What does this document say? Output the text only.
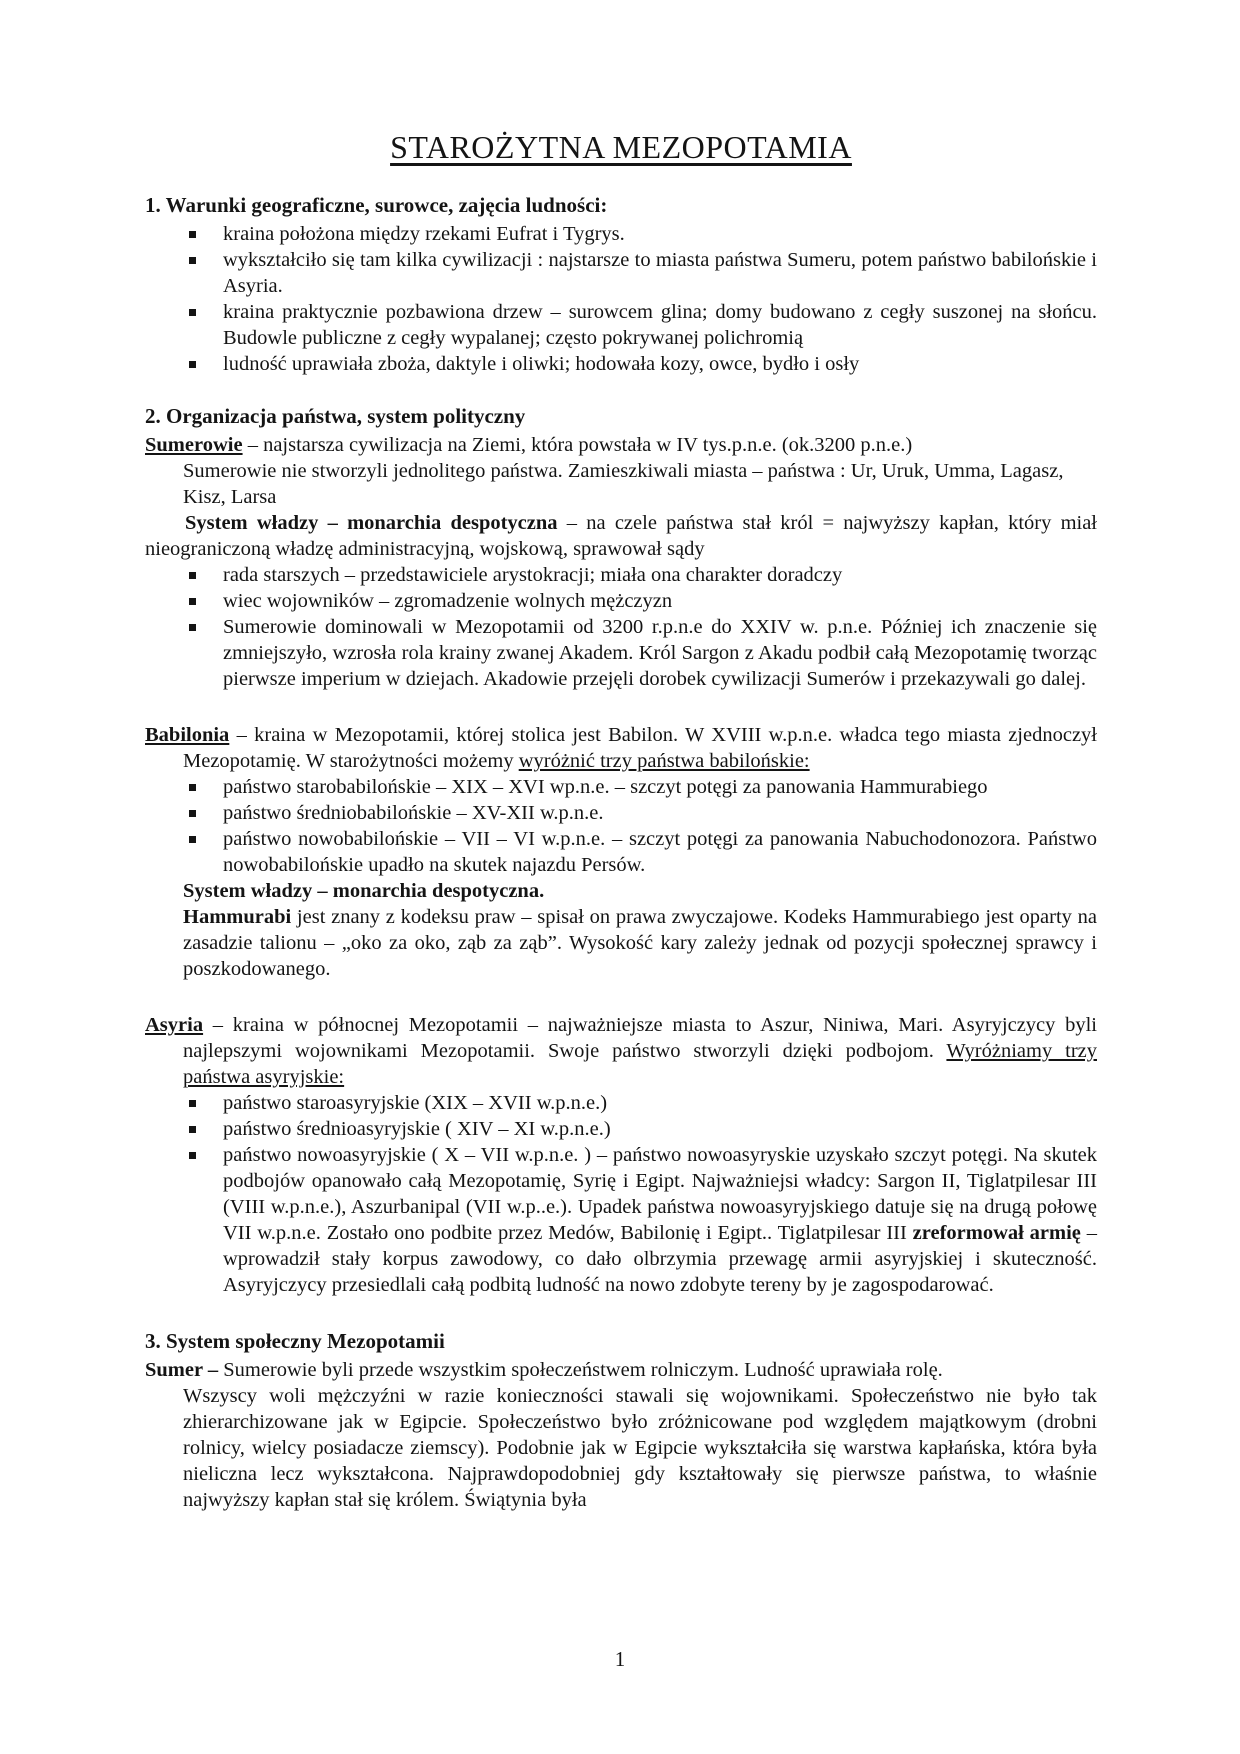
STAROŻYTNA MEZOPOTAMIA
1. Warunki geograficzne, surowce, zajęcia ludności:
kraina położona między rzekami Eufrat i Tygrys.
wykształciło się tam kilka cywilizacji : najstarsze to miasta państwa Sumeru, potem państwo babilońskie i Asyria.
kraina praktycznie pozbawiona drzew – surowcem glina; domy budowano z cegły suszonej na słońcu. Budowle publiczne z cegły wypalanej; często pokrywanej polichromią
ludność uprawiała zboża, daktyle i oliwki; hodowała kozy, owce, bydło i osły
2. Organizacja państwa, system polityczny

Sumerowie – najstarsza cywilizacja na Ziemi, która powstała w IV tys.p.n.e. (ok.3200 p.n.e.)

Sumerowie nie stworzyli jednolitego państwa. Zamieszkiwali miasta – państwa : Ur, Uruk, Umma, Lagasz, Kisz, Larsa

System władzy – monarchia despotyczna – na czele państwa stał król = najwyższy kapłan, który miał nieograniczoną władzę administracyjną, wojskową, sprawował sądy

rada starszych – przedstawiciele arystokracji; miała ona charakter doradczy
wiec wojowników – zgromadzenie wolnych mężczyzn
Sumerowie dominowali w Mezopotamii od 3200 r.p.n.e do XXIV w. p.n.e. Później ich znaczenie się zmniejszyło, wzrosła rola krainy zwanej Akadem. Król Sargon z Akadu podbił całą Mezopotamię tworząc pierwsze imperium w dziejach. Akadowie przejęli dorobek cywilizacji Sumerów i przekazywali go dalej.

Babilonia – kraina w Mezopotamii, której stolica jest Babilon. W XVIII w.p.n.e. władca tego miasta zjednoczył Mezopotamię. W starożytności możemy wyróżnić trzy państwa babilońskie:

państwo starobabilońskie – XIX – XVI wp.n.e. – szczyt potęgi za panowania Hammurabiego
państwo średniobabilońskie – XV-XII w.p.n.e.
państwo nowobabilońskie – VII – VI w.p.n.e. – szczyt potęgi za panowania Nabuchodonozora. Państwo nowobabilońskie upadło na skutek najazdu Persów.

System władzy – monarchia despotyczna.

Hammurabi jest znany z kodeksu praw – spisał on prawa zwyczajowe. Kodeks Hammurabiego jest oparty na zasadzie talionu – „oko za oko, ząb za ząb”. Wysokość kary zależy jednak od pozycji społecznej sprawcy i poszkodowanego.

Asyria – kraina w północnej Mezopotamii – najważniejsze miasta to Aszur, Niniwa, Mari. Asyryjczycy byli najlepszymi wojownikami Mezopotamii. Swoje państwo stworzyli dzięki podbojom. Wyróżniamy trzy państwa asyryjskie:

państwo staroasyryjskie (XIX – XVII w.p.n.e.)
państwo średnioasyryjskie ( XIV – XI w.p.n.e.)
państwo nowoasyryjskie ( X – VII w.p.n.e. ) – państwo nowoasyryskie uzyskało szczyt potęgi. Na skutek podbojów opanowało całą Mezopotamię, Syrię i Egipt. Najważniejsi władcy: Sargon II, Tiglatpilesar III (VIII w.p.n.e.), Aszurbanipal (VII w.p..e.). Upadek państwa nowoasyryjskiego datuje się na drugą połowę VII w.p.n.e. Zostało ono podbite przez Medów, Babilonię i Egipt.. Tiglatpilesar III zreformował armię – wprowadził stały korpus zawodowy, co dało olbrzymia przewagę armii asyryjskiej i skuteczność. Asyryjczycy przesiedlali całą podbitą ludność na nowo zdobyte tereny by je zagospodarować.
3. System społeczny Mezopotamii

Sumer – Sumerowie byli przede wszystkim społeczeństwem rolniczym. Ludność uprawiała rolę.

Wszyscy woli mężczyźni w razie konieczności stawali się wojownikami. Społeczeństwo nie było tak zhierarchizowane jak w Egipcie. Społeczeństwo było zróżnicowane pod względem majątkowym (drobni rolnicy, wielcy posiadacze ziemscy). Podobnie jak w Egipcie wykształciła się warstwa kapłańska, która była nieliczna lecz wykształcona. Najprawdopodobniej gdy kształtowały się pierwsze państwa, to właśnie najwyższy kapłan stał się królem. Świątynia była

1
